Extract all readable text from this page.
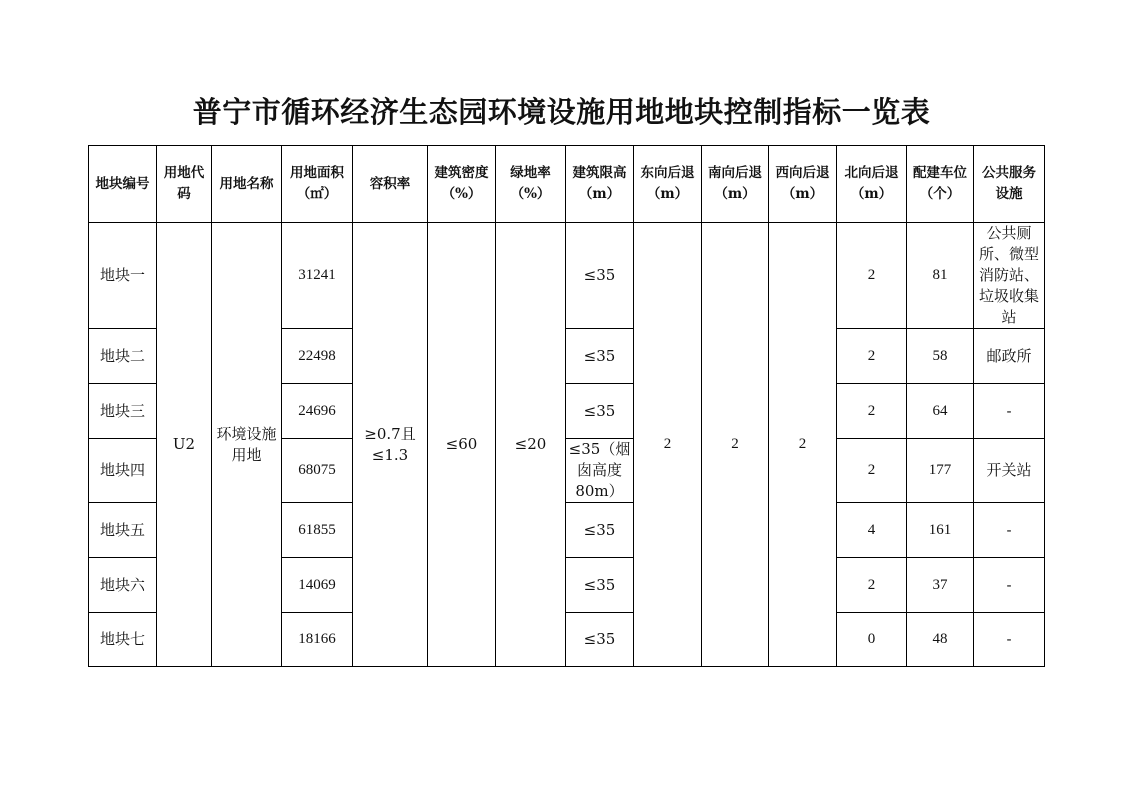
普宁市循环经济生态园环境设施用地地块控制指标一览表
地块编号	用地代码	用地名称	用地面积（㎡）	容积率	建筑密度（%）	绿地率（%）	建筑限高（m）	东向后退（m）	南向后退（m）	西向后退（m）	北向后退（m）	配建车位（个）	公共服务设施
地块一	U2	环境设施用地	31241	≥0.7且≤1.3	≤60	≤20	≤35	2	2	2	2	81	公共厕所、微型消防站、垃圾收集站
地块二			22498				≤35				2	58	邮政所
地块三			24696				≤35				2	64	-
地块四			68075				≤35（烟囱高度80m）				2	177	开关站
地块五			61855				≤35				4	161	-
地块六			14069				≤35				2	37	-
地块七			18166				≤35				0	48	-
